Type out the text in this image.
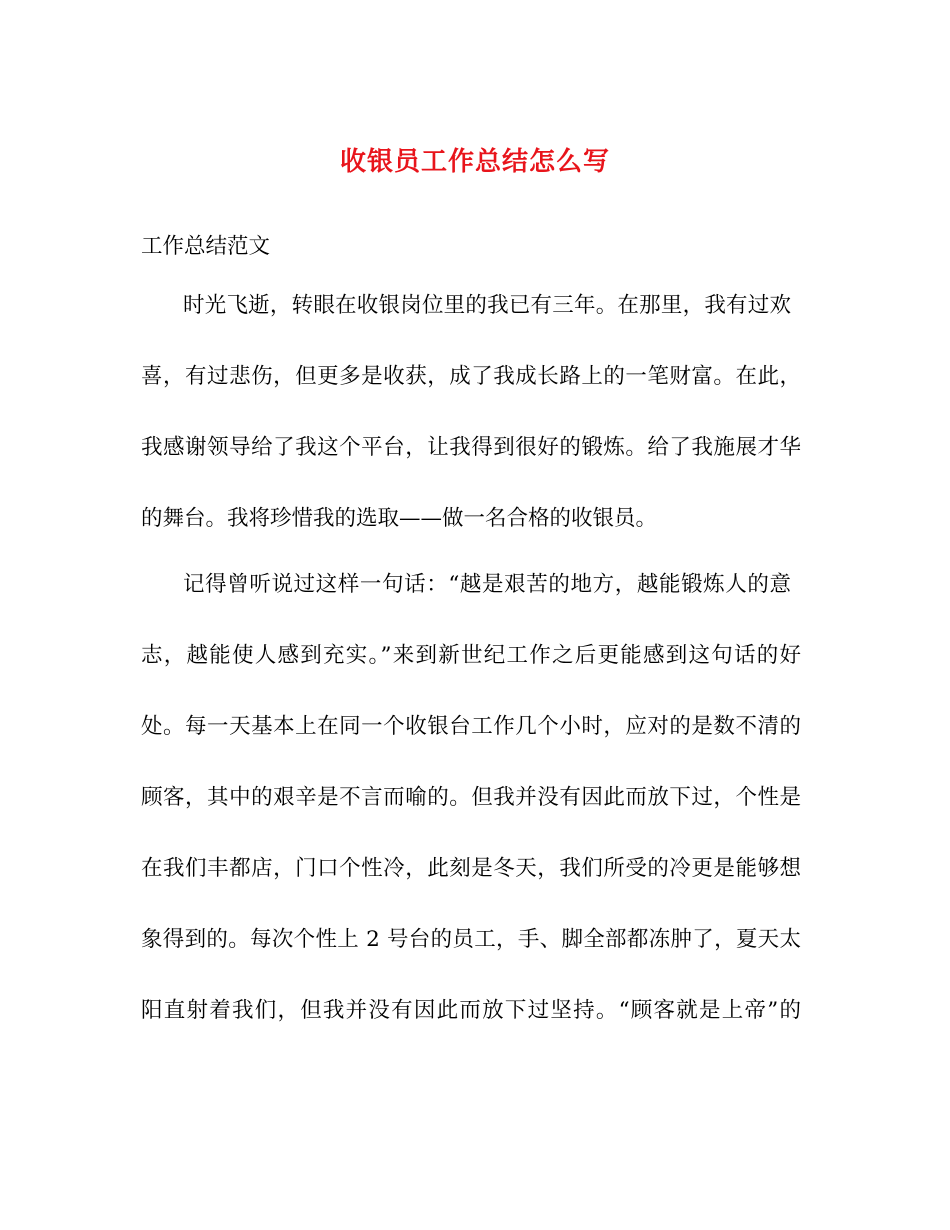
收银员工作总结怎么写
工作总结范文
时光飞逝，转眼在收银岗位里的我已有三年。在那里，我有过欢
喜，有过悲伤，但更多是收获，成了我成长路上的一笔财富。在此，
我感谢领导给了我这个平台，让我得到很好的锻炼。给了我施展才华
的舞台。我将珍惜我的选取——做一名合格的收银员。
记得曾听说过这样一句话：“越是艰苦的地方，越能锻炼人的意
志，越能使人感到充实。”来到新世纪工作之后更能感到这句话的好
处。每一天基本上在同一个收银台工作几个小时，应对的是数不清的
顾客，其中的艰辛是不言而喻的。但我并没有因此而放下过，个性是
在我们丰都店，门口个性冷，此刻是冬天，我们所受的冷更是能够想
象得到的。每次个性上 2 号台的员工，手、脚全部都冻肿了，夏天太
阳直射着我们，但我并没有因此而放下过坚持。“顾客就是上帝”的
